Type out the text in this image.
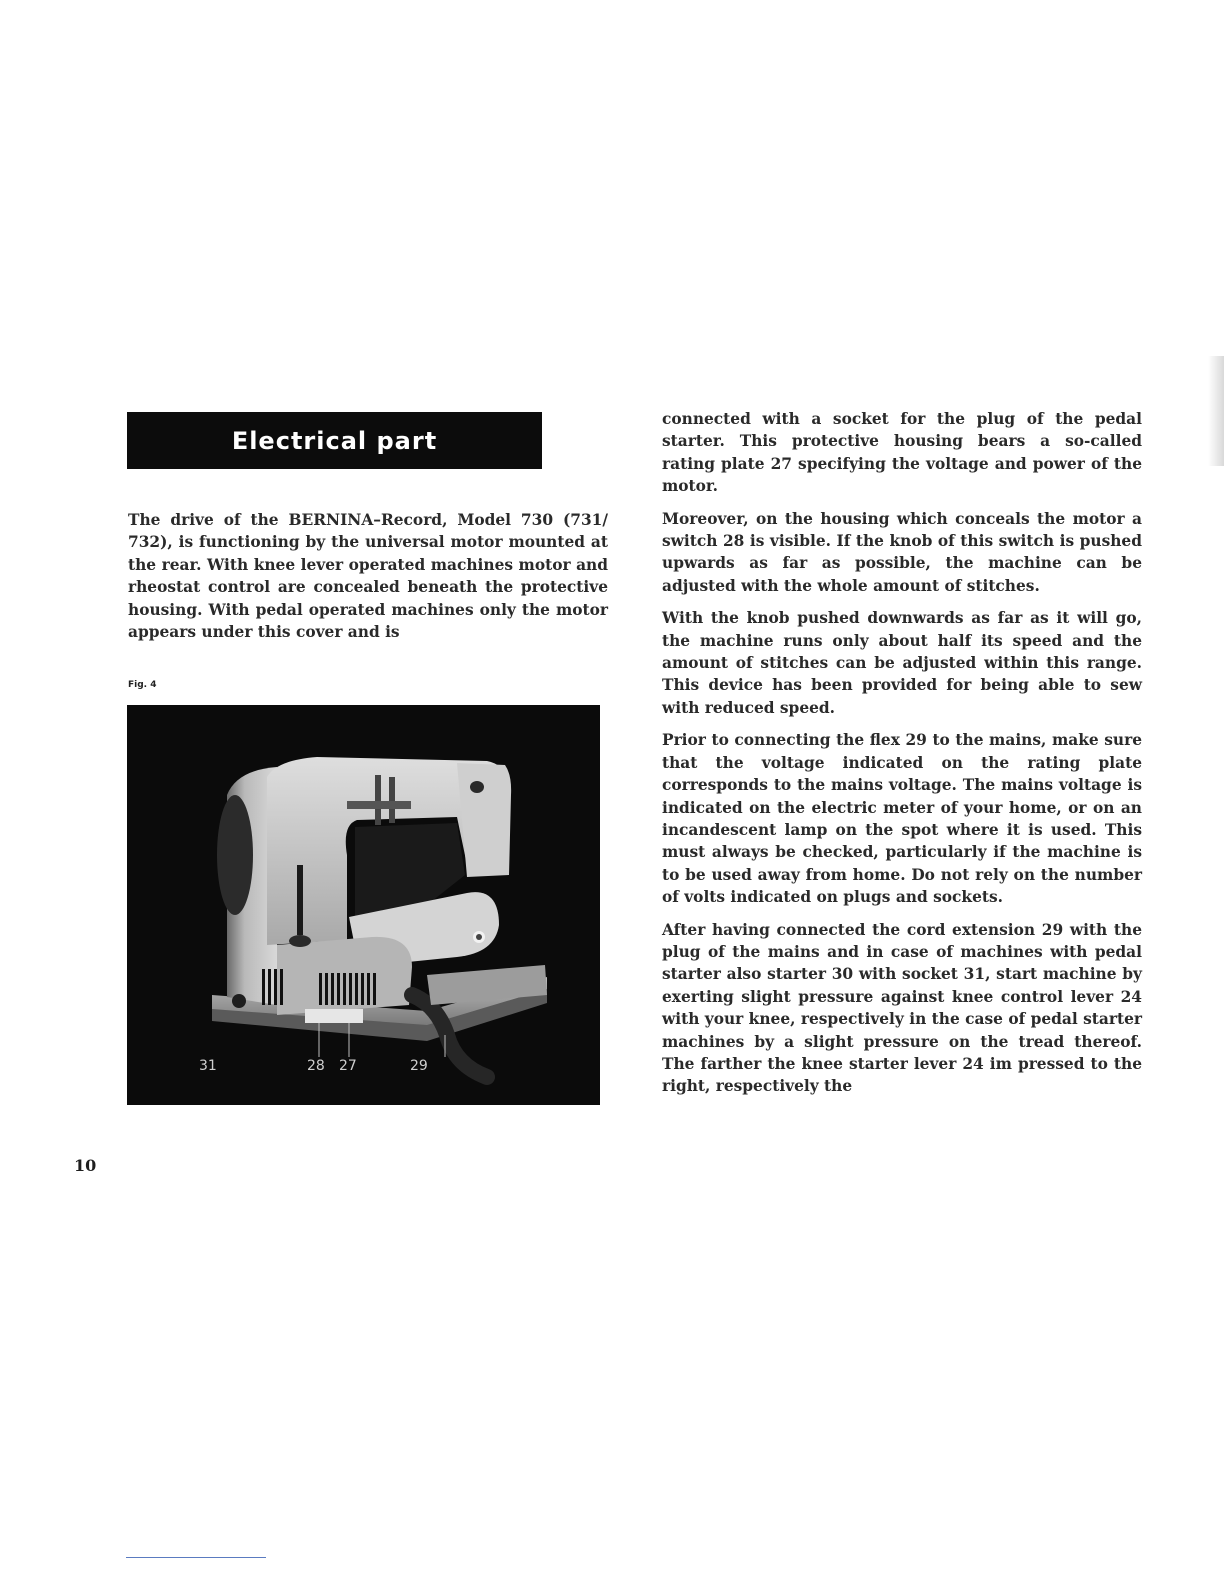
Electrical part

The drive of the BERNINA–Record, Model 730 (731/ 732), is functioning by the universal motor mounted at the rear. With knee lever operated machines motor and rheostat control are concealed beneath the protective housing. With pedal operated machines only the motor appears under this cover and is

Fig. 4
31	28 27	29

connected with a socket for the plug of the pedal starter. This protective housing bears a so-called rating plate 27 specifying the voltage and power of the motor.

Moreover, on the housing which conceals the motor a switch 28 is visible. If the knob of this switch is pushed upwards as far as possible, the machine can be adjusted with the whole amount of stitches.

With the knob pushed downwards as far as it will go, the machine runs only about half its speed and the amount of stitches can be adjusted within this range. This device has been provided for being able to sew with reduced speed.

Prior to connecting the flex 29 to the mains, make sure that the voltage indicated on the rating plate corresponds to the mains voltage. The mains voltage is indicated on the electric meter of your home, or on an incandescent lamp on the spot where it is used. This must always be checked, particularly if the machine is to be used away from home. Do not rely on the number of volts indicated on plugs and sockets.

After having connected the cord extension 29 with the plug of the mains and in case of machines with pedal starter also starter 30 with socket 31, start machine by exerting slight pressure against knee control lever 24 with your knee, respectively in the case of pedal starter machines by a slight pressure on the tread thereof. The farther the knee starter lever 24 im pressed to the right, respectively the

10
